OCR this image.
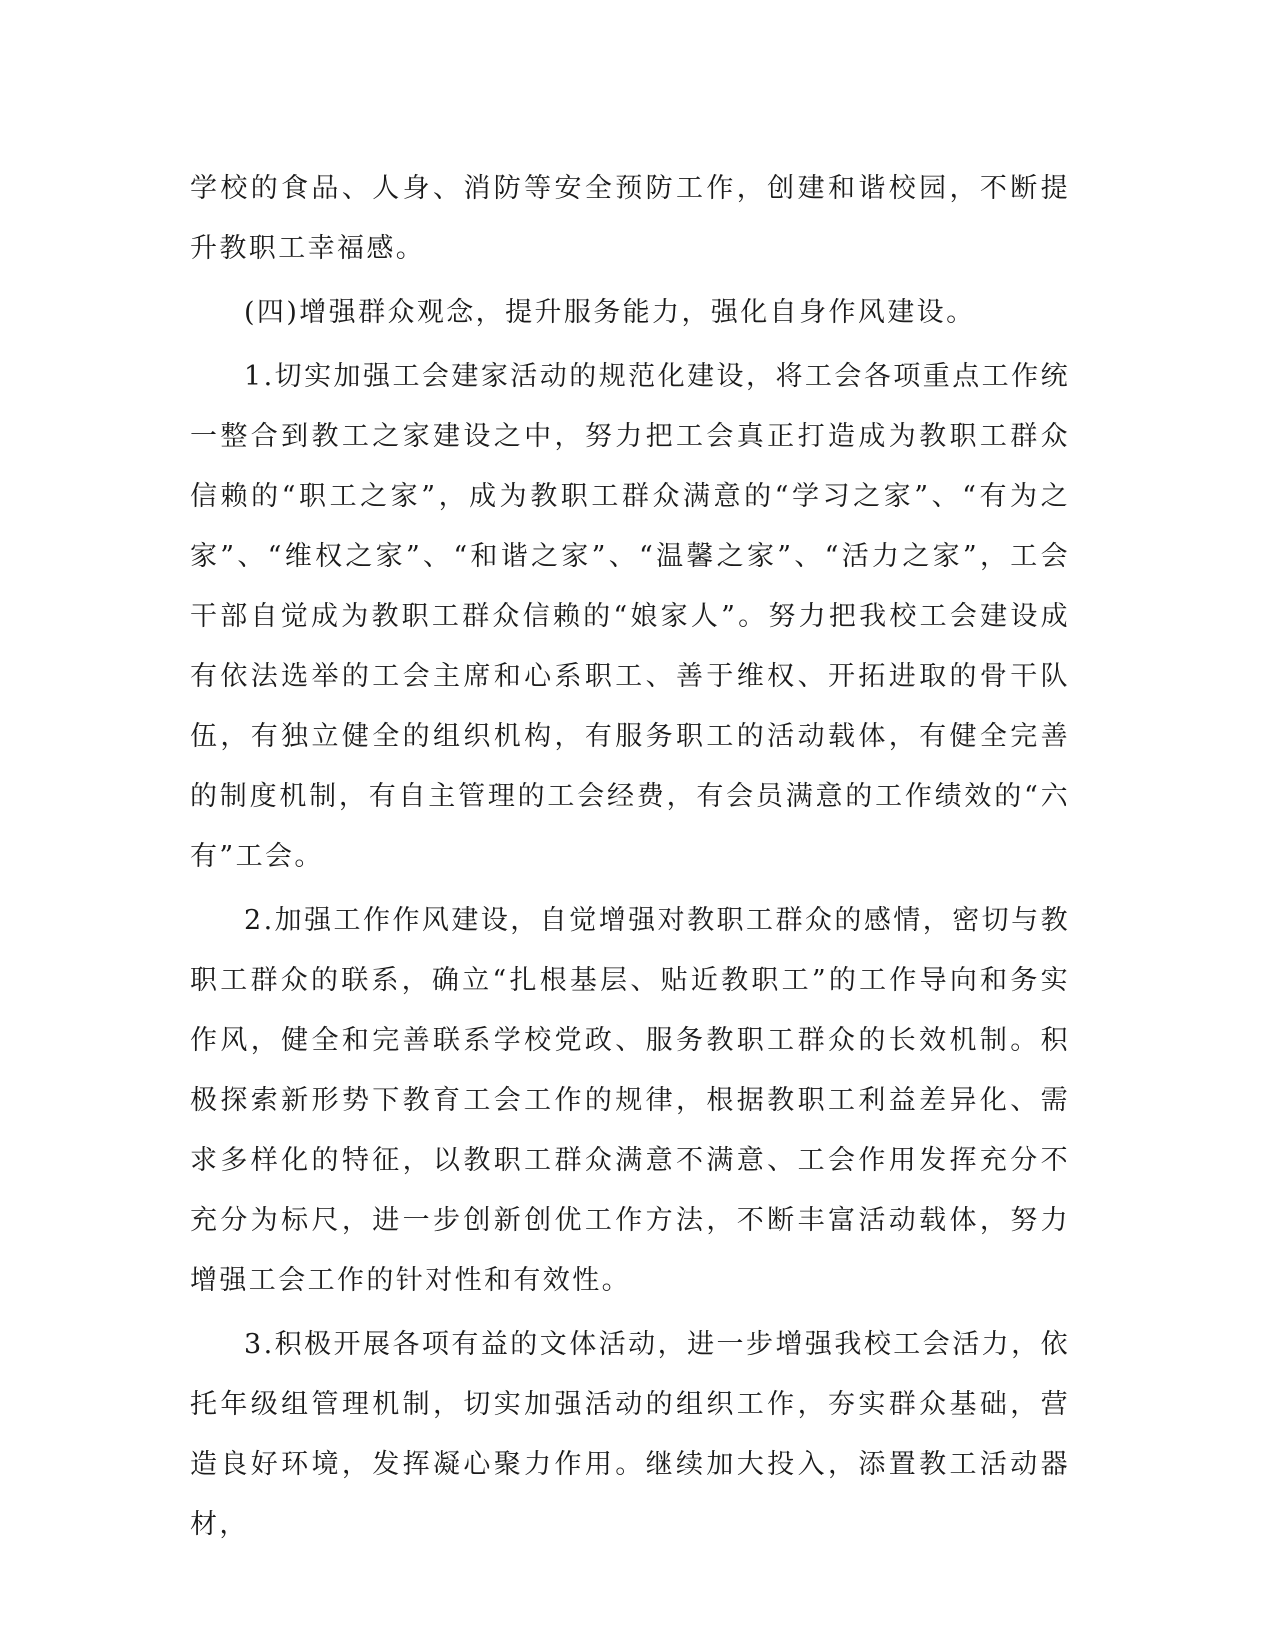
学校的食品、人身、消防等安全预防工作，创建和谐校园，不断提升教职工幸福感。

(四)增强群众观念，提升服务能力，强化自身作风建设。

1.切实加强工会建家活动的规范化建设，将工会各项重点工作统一整合到教工之家建设之中，努力把工会真正打造成为教职工群众信赖的“职工之家”，成为教职工群众满意的“学习之家”、“有为之家”、“维权之家”、“和谐之家”、“温馨之家”、“活力之家”，工会干部自觉成为教职工群众信赖的“娘家人”。努力把我校工会建设成有依法选举的工会主席和心系职工、善于维权、开拓进取的骨干队伍，有独立健全的组织机构，有服务职工的活动载体，有健全完善的制度机制，有自主管理的工会经费，有会员满意的工作绩效的“六有”工会。

2.加强工作作风建设，自觉增强对教职工群众的感情，密切与教职工群众的联系，确立“扎根基层、贴近教职工”的工作导向和务实作风，健全和完善联系学校党政、服务教职工群众的长效机制。积极探索新形势下教育工会工作的规律，根据教职工利益差异化、需求多样化的特征，以教职工群众满意不满意、工会作用发挥充分不充分为标尺，进一步创新创优工作方法，不断丰富活动载体，努力增强工会工作的针对性和有效性。

3.积极开展各项有益的文体活动，进一步增强我校工会活力，依托年级组管理机制，切实加强活动的组织工作，夯实群众基础，营造良好环境，发挥凝心聚力作用。继续加大投入，添置教工活动器材，
